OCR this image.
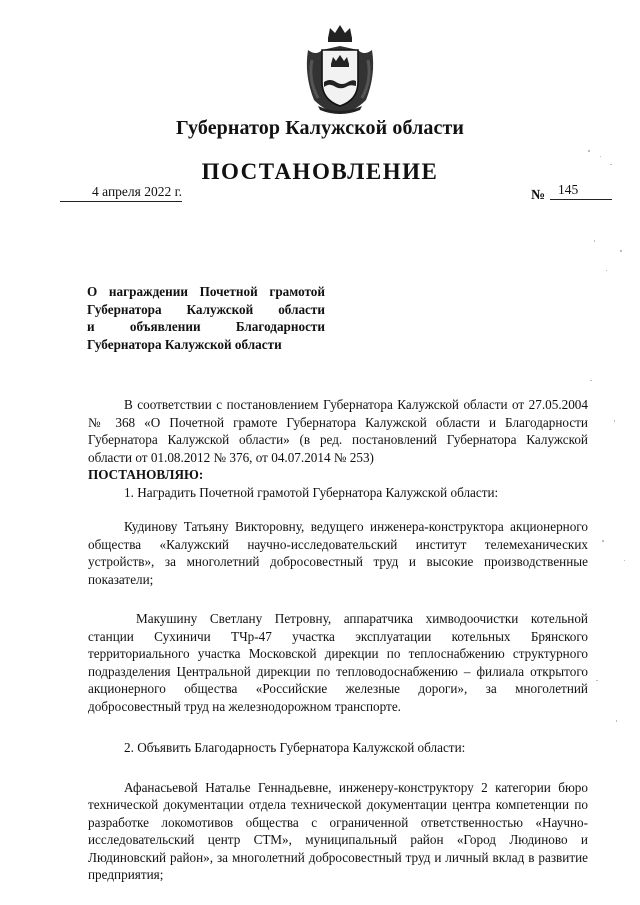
Губернатор Калужской области
ПОСТАНОВЛЕНИЕ
4 апреля 2022 г.	№ 145
О награждении Почетной грамотой
Губернатора Калужской области
и объявлении Благодарности
Губернатора Калужской области

В соответствии с постановлением Губернатора Калужской области от 27.05.2004 № 368 «О Почетной грамоте Губернатора Калужской области и Благодарности Губернатора Калужской области» (в ред. постановлений Губернатора Калужской области от 01.08.2012 № 376, от 04.07.2014 № 253)

ПОСТАНОВЛЯЮ:

1. Наградить Почетной грамотой Губернатора Калужской области:

Кудинову Татьяну Викторовну, ведущего инженера-конструктора акционерного общества «Калужский научно-исследовательский институт телемеханических устройств», за многолетний добросовестный труд и высокие производственные показатели;

Макушину Светлану Петровну, аппаратчика химводоочистки котельной станции Сухиничи ТЧр-47 участка эксплуатации котельных Брянского территориального участка Московской дирекции по теплоснабжению структурного подразделения Центральной дирекции по тепловодоснабжению – филиала открытого акционерного общества «Российские железные дороги», за многолетний добросовестный труд на железнодорожном транспорте.

2. Объявить Благодарность Губернатора Калужской области:

Афанасьевой Наталье Геннадьевне, инженеру-конструктору 2 категории бюро технической документации отдела технической документации центра компетенции по разработке локомотивов общества с ограниченной ответственностью «Научно-исследовательский центр СТМ», муниципальный район «Город Людиново и Людиновский район», за многолетний добросовестный труд и личный вклад в развитие предприятия;
